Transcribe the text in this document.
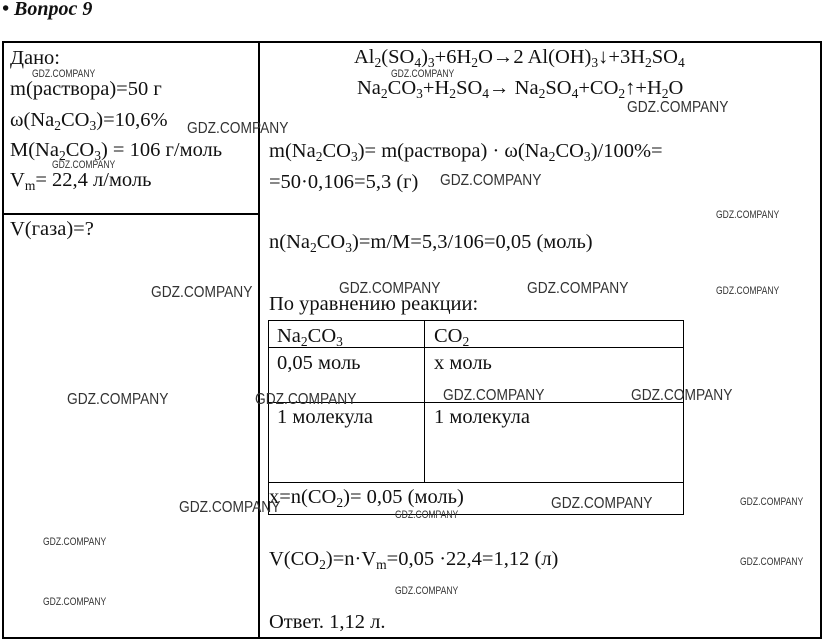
• Вопрос 9
Дано:
m(раствора)=50 г
$\omega(Na_2CO_3)=10,6\%$
$M(Na_2CO_3) = 106$ г/моль
$V_m= 22,4$ л/моль
V(газа)=?
$Al_2(SO_4)_3+6H_2O\to 2$ $Al(OH)_3↓+3H_2SO_4$
$Na_2CO_3+H_2SO_4\to$ $Na_2SO_4+CO_2↑+H_2O$
$m(Na_2CO_3)=$ m(раствора) · $\omega(Na_2CO_3)/100\%=$
=50·0,106=5,3 (г)
$n(Na_2CO_3)=m/M=5,3/106=0,05$ (моль)
По уравнению реакции:
$Na_2CO_3$	$CO_2$
0,05 моль	x моль
1 молекула	1 молекула
$x=n(CO_2)= 0,05$ (моль)
$V(CO_2)=n\cdot V_m=0,05 \cdot 22,4=1,12$ (л)
Ответ. 1,12 л.
GDZ.COMPANY	GDZ.COMPANY
GDZ.COMPANY
GDZ.COMPANY
GDZ.COMPANY
GDZ.COMPANY
GDZ.COMPANY
GDZ.COMPANY	GDZ.COMPANY	GDZ.COMPANY	GDZ.COMPANY
GDZ.COMPANY	GDZ.COMPANY	GDZ.COMPANY	GDZ.COMPANY
GDZ.COMPANY	GDZ.COMPANY
GDZ.COMPANY	GDZ.COMPANY
GDZ.COMPANY
GDZ.COMPANY
GDZ.COMPANY
GDZ.COMPANY
